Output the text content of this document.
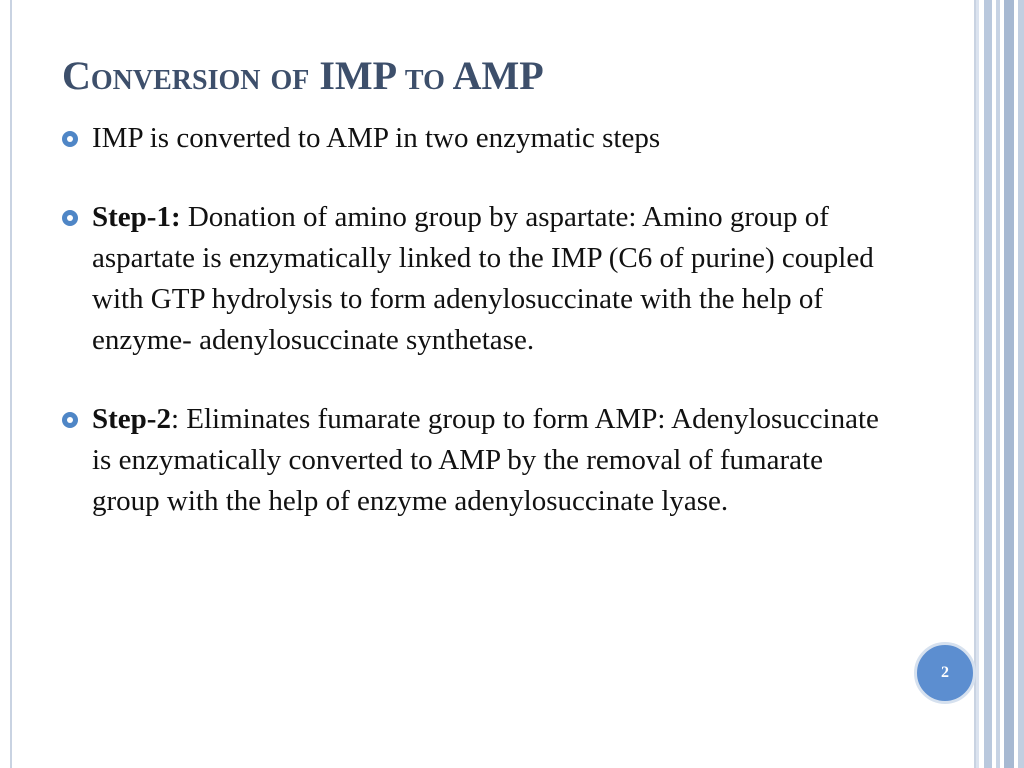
Conversion of IMP to AMP
IMP is converted to AMP in two enzymatic steps
Step-1: Donation of amino group by aspartate: Amino group of aspartate is enzymatically linked to the IMP (C6 of purine) coupled with GTP hydrolysis to form adenylosuccinate with the help of enzyme- adenylosuccinate synthetase.
Step-2: Eliminates fumarate group to form AMP: Adenylosuccinate is enzymatically converted to AMP by the removal of fumarate group with the help of enzyme adenylosuccinate lyase.
2
